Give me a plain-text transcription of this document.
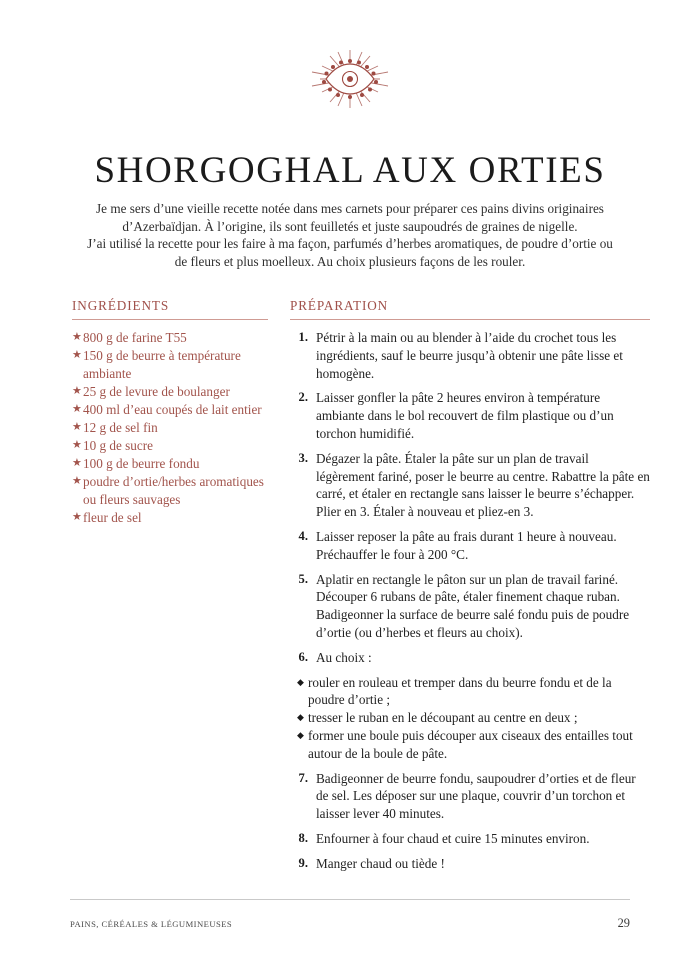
SHORGOGHAL AUX ORTIES
Je me sers d’une vieille recette notée dans mes carnets pour préparer ces pains divins originaires
d’Azerbaïdjan. À l’origine, ils sont feuilletés et juste saupoudrés de graines de nigelle.
J’ai utilisé la recette pour les faire à ma façon, parfumés d’herbes aromatiques, de poudre d’ortie ou
de fleurs et plus moelleux. Au choix plusieurs façons de les rouler.
INGRÉDIENTS
★ 800 g de farine T55
★ 150 g de beurre à température ambiante
★ 25 g de levure de boulanger
★ 400 ml d’eau coupés de lait entier
★ 12 g de sel fin
★ 10 g de sucre
★ 100 g de beurre fondu
★ poudre d’ortie/herbes aromatiques ou fleurs sauvages
★ fleur de sel
PRÉPARATION
1. Pétrir à la main ou au blender à l’aide du crochet tous les ingrédients, sauf le beurre jusqu’à obtenir une pâte lisse et homogène.
2. Laisser gonfler la pâte 2 heures environ à température ambiante dans le bol recouvert de film plastique ou d’un torchon humidifié.
3. Dégazer la pâte. Étaler la pâte sur un plan de travail légèrement fariné, poser le beurre au centre. Rabattre la pâte en carré, et étaler en rectangle sans laisser le beurre s’échapper. Plier en 3. Étaler à nouveau et pliez-en 3.
4. Laisser reposer la pâte au frais durant 1 heure à nouveau. Préchauffer le four à 200 °C.
5. Aplatir en rectangle le pâton sur un plan de travail fariné. Découper 6 rubans de pâte, étaler finement chaque ruban. Badigeonner la surface de beurre salé fondu puis de poudre d’ortie (ou d’herbes et fleurs au choix).
6. Au choix :
◆ rouler en rouleau et tremper dans du beurre fondu et de la poudre d’ortie ;
◆ tresser le ruban en le découpant au centre en deux ;
◆ former une boule puis découper aux ciseaux des entailles tout autour de la boule de pâte.
7. Badigeonner de beurre fondu, saupoudrer d’orties et de fleur de sel. Les déposer sur une plaque, couvrir d’un torchon et laisser lever 40 minutes.
8. Enfourner à four chaud et cuire 15 minutes environ.
9. Manger chaud ou tiède !
PAINS, CÉRÉALES & LÉGUMINEUSES	29
